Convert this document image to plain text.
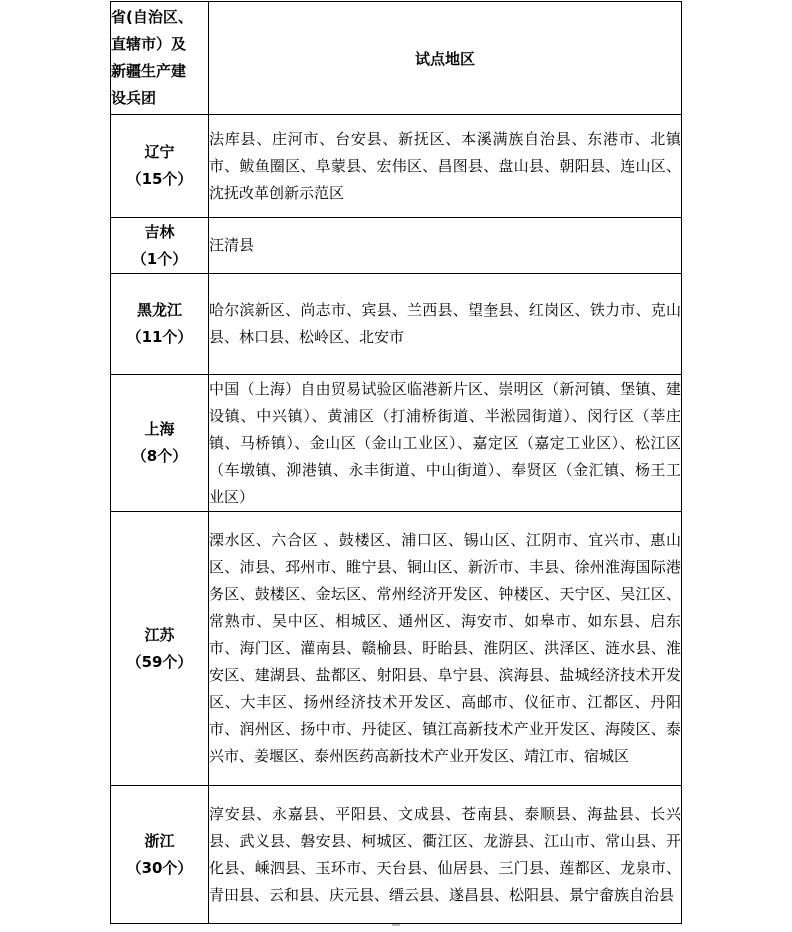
省(自治区、
直辖市）及
新疆生产建
设兵团	试点地区
辽宁
（15个）	法库县、庄河市、台安县、新抚区、本溪满族自治县、东港市、北镇市、鲅鱼圈区、阜蒙县、宏伟区、昌图县、盘山县、朝阳县、连山区、沈抚改革创新示范区
吉林
（1个）	汪清县
黑龙江
（11个）	哈尔滨新区、尚志市、宾县、兰西县、望奎县、红岗区、铁力市、克山县、林口县、松岭区、北安市
上海
（8个）	中国（上海）自由贸易试验区临港新片区、崇明区（新河镇、堡镇、建设镇、中兴镇）、黄浦区（打浦桥街道、半淞园街道）、闵行区（莘庄镇、马桥镇）、金山区（金山工业区）、嘉定区（嘉定工业区）、松江区（车墩镇、泖港镇、永丰街道、中山街道）、奉贤区（金汇镇、杨王工业区）
江苏
（59个）	溧水区、六合区 、鼓楼区、浦口区、锡山区、江阴市、宜兴市、惠山区、沛县、邳州市、睢宁县、铜山区、新沂市、丰县、徐州淮海国际港务区、鼓楼区、金坛区、常州经济开发区、钟楼区、天宁区、吴江区、常熟市、吴中区、相城区、通州区、海安市、如皋市、如东县、启东市、海门区、灌南县、赣榆县、盱眙县、淮阴区、洪泽区、涟水县、淮安区、建湖县、盐都区、射阳县、阜宁县、滨海县、盐城经济技术开发区、大丰区、扬州经济技术开发区、高邮市、仪征市、江都区、丹阳市、润州区、扬中市、丹徒区、镇江高新技术产业开发区、海陵区、泰兴市、姜堰区、泰州医药高新技术产业开发区、靖江市、宿城区
浙江
（30个）	淳安县、永嘉县、平阳县、文成县、苍南县、泰顺县、海盐县、长兴县、武义县、磐安县、柯城区、衢江区、龙游县、江山市、常山县、开化县、嵊泗县、玉环市、天台县、仙居县、三门县、莲都区、龙泉市、青田县、云和县、庆元县、缙云县、遂昌县、松阳县、景宁畲族自治县
